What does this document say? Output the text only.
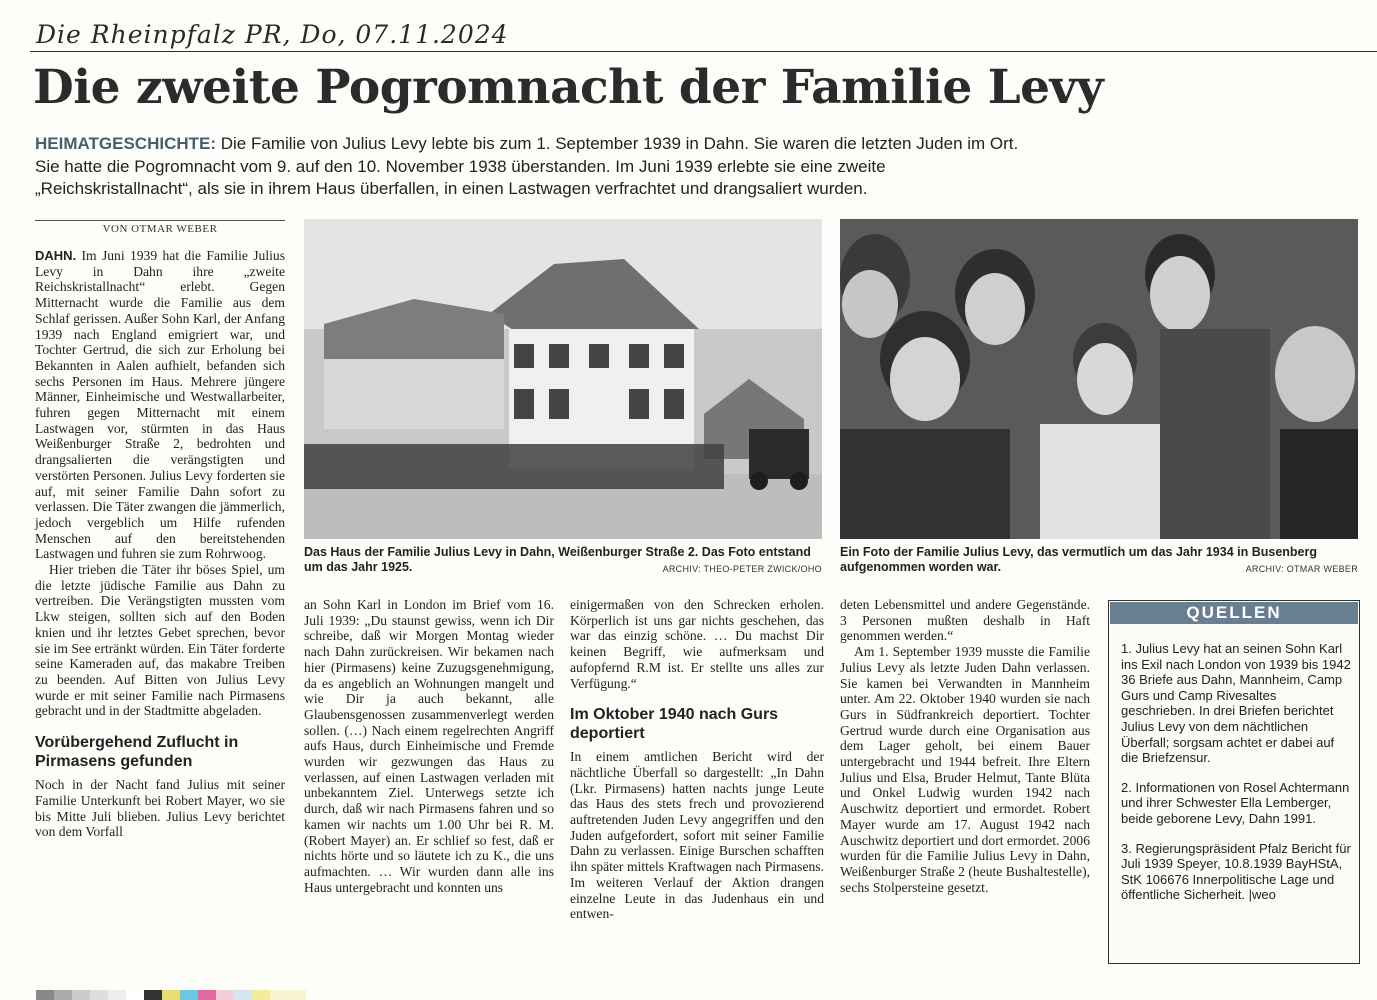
Die Rheinpfalz PR, Do, 07.11.2024
Die zweite Pogromnacht der Familie Levy
HEIMATGESCHICHTE: Die Familie von Julius Levy lebte bis zum 1. September 1939 in Dahn. Sie waren die letzten Juden im Ort. Sie hatte die Pogromnacht vom 9. auf den 10. November 1938 überstanden. Im Juni 1939 erlebte sie eine zweite „Reichskristallnacht“, als sie in ihrem Haus überfallen, in einen Lastwagen verfrachtet und drangsaliert wurden.
VON OTMAR WEBER

DAHN. Im Juni 1939 hat die Familie Julius Levy in Dahn ihre „zweite Reichskristallnacht“ erlebt. Gegen Mitternacht wurde die Familie aus dem Schlaf gerissen. Außer Sohn Karl, der Anfang 1939 nach England emigriert war, und Tochter Gertrud, die sich zur Erholung bei Bekannten in Aalen aufhielt, befanden sich sechs Personen im Haus. Mehrere jüngere Männer, Einheimische und Westwallarbeiter, fuhren gegen Mitternacht mit einem Lastwagen vor, stürmten in das Haus Weißenburger Straße 2, bedrohten und drangsalierten die verängstigten und verstörten Personen. Julius Levy forderten sie auf, mit seiner Familie Dahn sofort zu verlassen. Die Täter zwangen die jämmerlich, jedoch vergeblich um Hilfe rufenden Menschen auf den bereitstehenden Lastwagen und fuhren sie zum Rohrwoog.

Hier trieben die Täter ihr böses Spiel, um die letzte jüdische Familie aus Dahn zu vertreiben. Die Verängstigten mussten vom Lkw steigen, sollten sich auf den Boden knien und ihr letztes Gebet sprechen, bevor sie im See ertränkt würden. Ein Täter forderte seine Kameraden auf, das makabre Treiben zu beenden. Auf Bitten von Julius Levy wurde er mit seiner Familie nach Pirmasens gebracht und in der Stadtmitte abgeladen.

Vorübergehend Zuflucht in Pirmasens gefunden

Noch in der Nacht fand Julius mit seiner Familie Unterkunft bei Robert Mayer, wo sie bis Mitte Juli blieben. Julius Levy berichtet von dem Vorfall

Das Haus der Familie Julius Levy in Dahn, Weißenburger Straße 2. Das Foto entstand um das Jahr 1925.	ARCHIV: THEO-PETER ZWICK/OHO
Ein Foto der Familie Julius Levy, das vermutlich um das Jahr 1934 in Busenberg aufgenommen worden war.	ARCHIV: OTMAR WEBER

an Sohn Karl in London im Brief vom 16. Juli 1939: „Du staunst gewiss, wenn ich Dir schreibe, daß wir Morgen Montag wieder nach Dahn zurückreisen. Wir bekamen nach hier (Pirmasens) keine Zuzugsgenehmigung, da es angeblich an Wohnungen mangelt und wie Dir ja auch bekannt, alle Glaubensgenossen zusammenverlegt werden sollen. (…) Nach einem regelrechten Angriff aufs Haus, durch Einheimische und Fremde wurden wir gezwungen das Haus zu verlassen, auf einen Lastwagen verladen mit unbekanntem Ziel. Unterwegs setzte ich durch, daß wir nach Pirmasens fahren und so kamen wir nachts um 1.00 Uhr bei R. M. (Robert Mayer) an. Er schlief so fest, daß er nichts hörte und so läutete ich zu K., die uns aufmachten. … Wir wurden dann alle ins Haus untergebracht und konnten uns

einigermaßen von den Schrecken erholen. Körperlich ist uns gar nichts geschehen, das war das einzig schöne. … Du machst Dir keinen Begriff, wie aufmerksam und aufopfernd R.M ist. Er stellte uns alles zur Verfügung.“

Im Oktober 1940 nach Gurs deportiert

In einem amtlichen Bericht wird der nächtliche Überfall so dargestellt: „In Dahn (Lkr. Pirmasens) hatten nachts junge Leute das Haus des stets frech und provozierend auftretenden Juden Levy angegriffen und den Juden aufgefordert, sofort mit seiner Familie Dahn zu verlassen. Einige Burschen schafften ihn später mittels Kraftwagen nach Pirmasens. Im weiteren Verlauf der Aktion drangen einzelne Leute in das Judenhaus ein und entwen-

deten Lebensmittel und andere Gegenstände. 3 Personen mußten deshalb in Haft genommen werden.“

Am 1. September 1939 musste die Familie Julius Levy als letzte Juden Dahn verlassen. Sie kamen bei Verwandten in Mannheim unter. Am 22. Oktober 1940 wurden sie nach Gurs in Südfrankreich deportiert. Tochter Gertrud wurde durch eine Organisation aus dem Lager geholt, bei einem Bauer untergebracht und 1944 befreit. Ihre Eltern Julius und Elsa, Bruder Helmut, Tante Blüta und Onkel Ludwig wurden 1942 nach Auschwitz deportiert und ermordet. Robert Mayer wurde am 17. August 1942 nach Auschwitz deportiert und dort ermordet. 2006 wurden für die Familie Julius Levy in Dahn, Weißenburger Straße 2 (heute Bushaltestelle), sechs Stolpersteine gesetzt.

QUELLEN
1. Julius Levy hat an seinen Sohn Karl ins Exil nach London von 1939 bis 1942 36 Briefe aus Dahn, Mannheim, Camp Gurs und Camp Rivesaltes geschrieben. In drei Briefen berichtet Julius Levy von dem nächtlichen Überfall; sorgsam achtet er dabei auf die Briefzensur.
2. Informationen von Rosel Achtermann und ihrer Schwester Ella Lemberger, beide geborene Levy, Dahn 1991.
3. Regierungspräsident Pfalz Bericht für Juli 1939 Speyer, 10.8.1939 BayHStA, StK 106676 Innerpolitische Lage und öffentliche Sicherheit. |weo
